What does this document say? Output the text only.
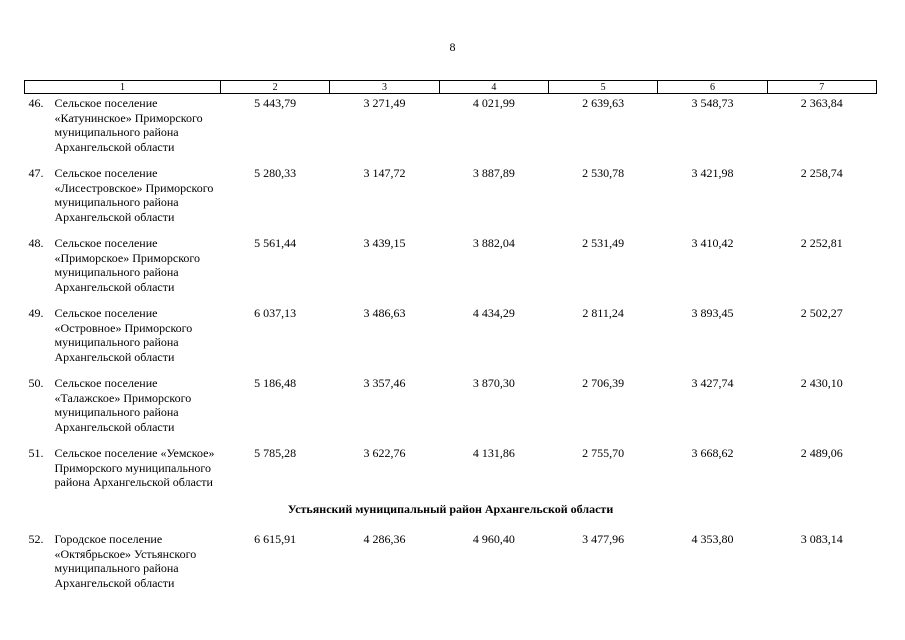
8
1	2	3	4	5	6	7

46. Сельское поселение «Катунинское» Приморского муниципального района Архангельской области	5 443,79	3 271,49	4 021,99	2 639,63	3 548,73	2 363,84

47. Сельское поселение «Лисестровское» Приморского муниципального района Архангельской области	5 280,33	3 147,72	3 887,89	2 530,78	3 421,98	2 258,74

48. Сельское поселение «Приморское» Приморского муниципального района Архангельской области	5 561,44	3 439,15	3 882,04	2 531,49	3 410,42	2 252,81

49. Сельское поселение «Островное» Приморского муниципального района Архангельской области	6 037,13	3 486,63	4 434,29	2 811,24	3 893,45	2 502,27

50. Сельское поселение «Талажское» Приморского муниципального района Архангельской области	5 186,48	3 357,46	3 870,30	2 706,39	3 427,74	2 430,10

51. Сельское поселение «Уемское» Приморского муниципального района Архангельской области	5 785,28	3 622,76	4 131,86	2 755,70	3 668,62	2 489,06
Устьянский муниципальный район Архангельской области						

52. Городское поселение «Октябрьское» Устьянского муниципального района Архангельской области	6 615,91	4 286,36	4 960,40	3 477,96	4 353,80	3 083,14
